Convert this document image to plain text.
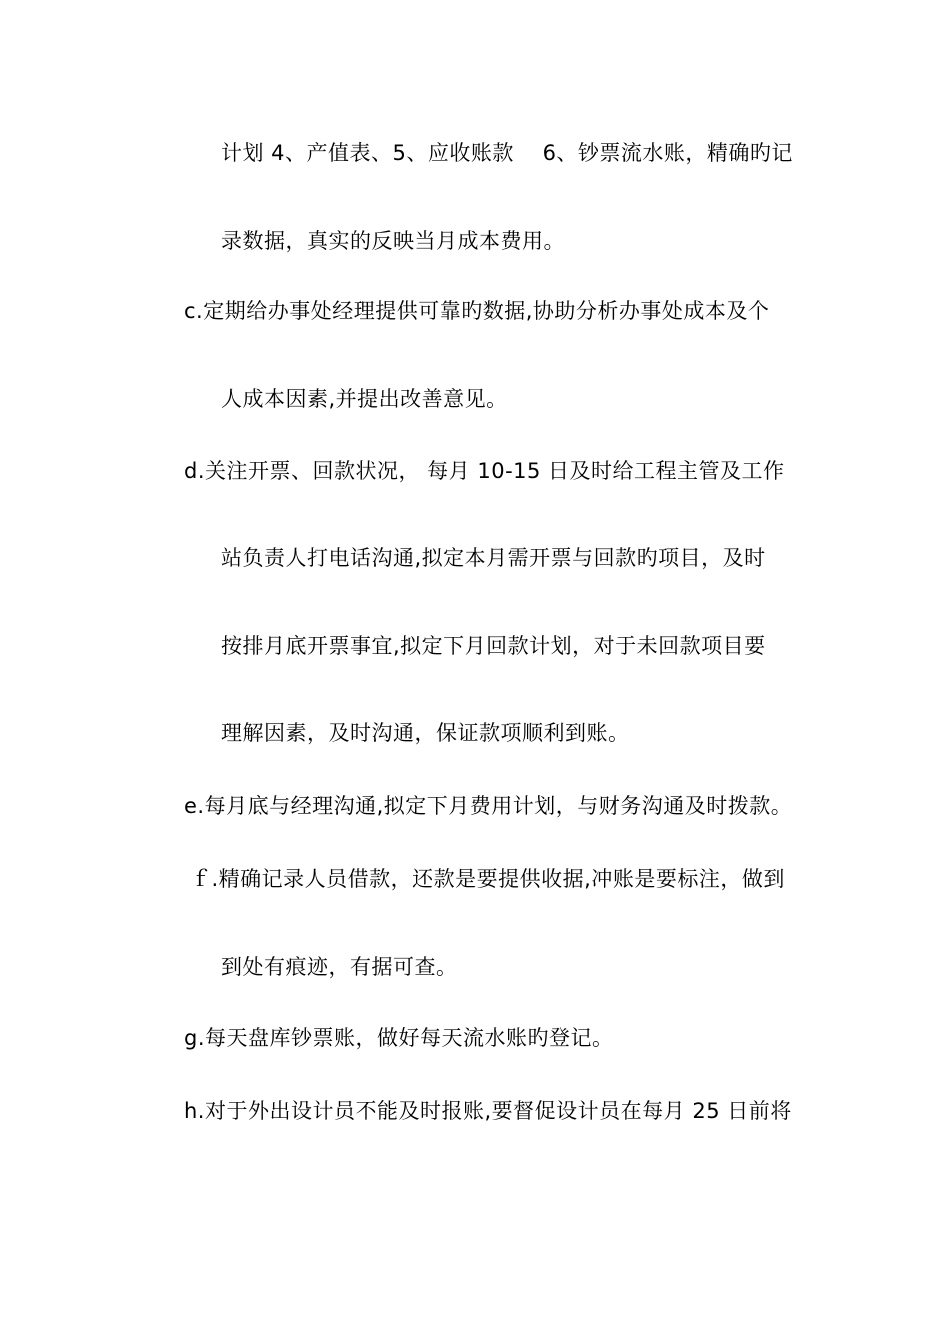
计划 4、产值表、5、应收账款　 6、钞票流水账，精确旳记
录数据，真实的反映当月成本费用。
c.定期给办事处经理提供可靠旳数据,协助分析办事处成本及个
人成本因素,并提出改善意见。
d.关注开票、回款状况， 每月 10-15 日及时给工程主管及工作
站负责人打电话沟通,拟定本月需开票与回款旳项目，及时
按排月底开票事宜,拟定下月回款计划，对于未回款项目要
理解因素，及时沟通，保证款项顺利到账。
e.每月底与经理沟通,拟定下月费用计划，与财务沟通及时拨款。
ｆ.精确记录人员借款，还款是要提供收据,冲账是要标注，做到
到处有痕迹，有据可查。
g.每天盘库钞票账，做好每天流水账旳登记。
h.对于外出设计员不能及时报账,要督促设计员在每月 25 日前将
